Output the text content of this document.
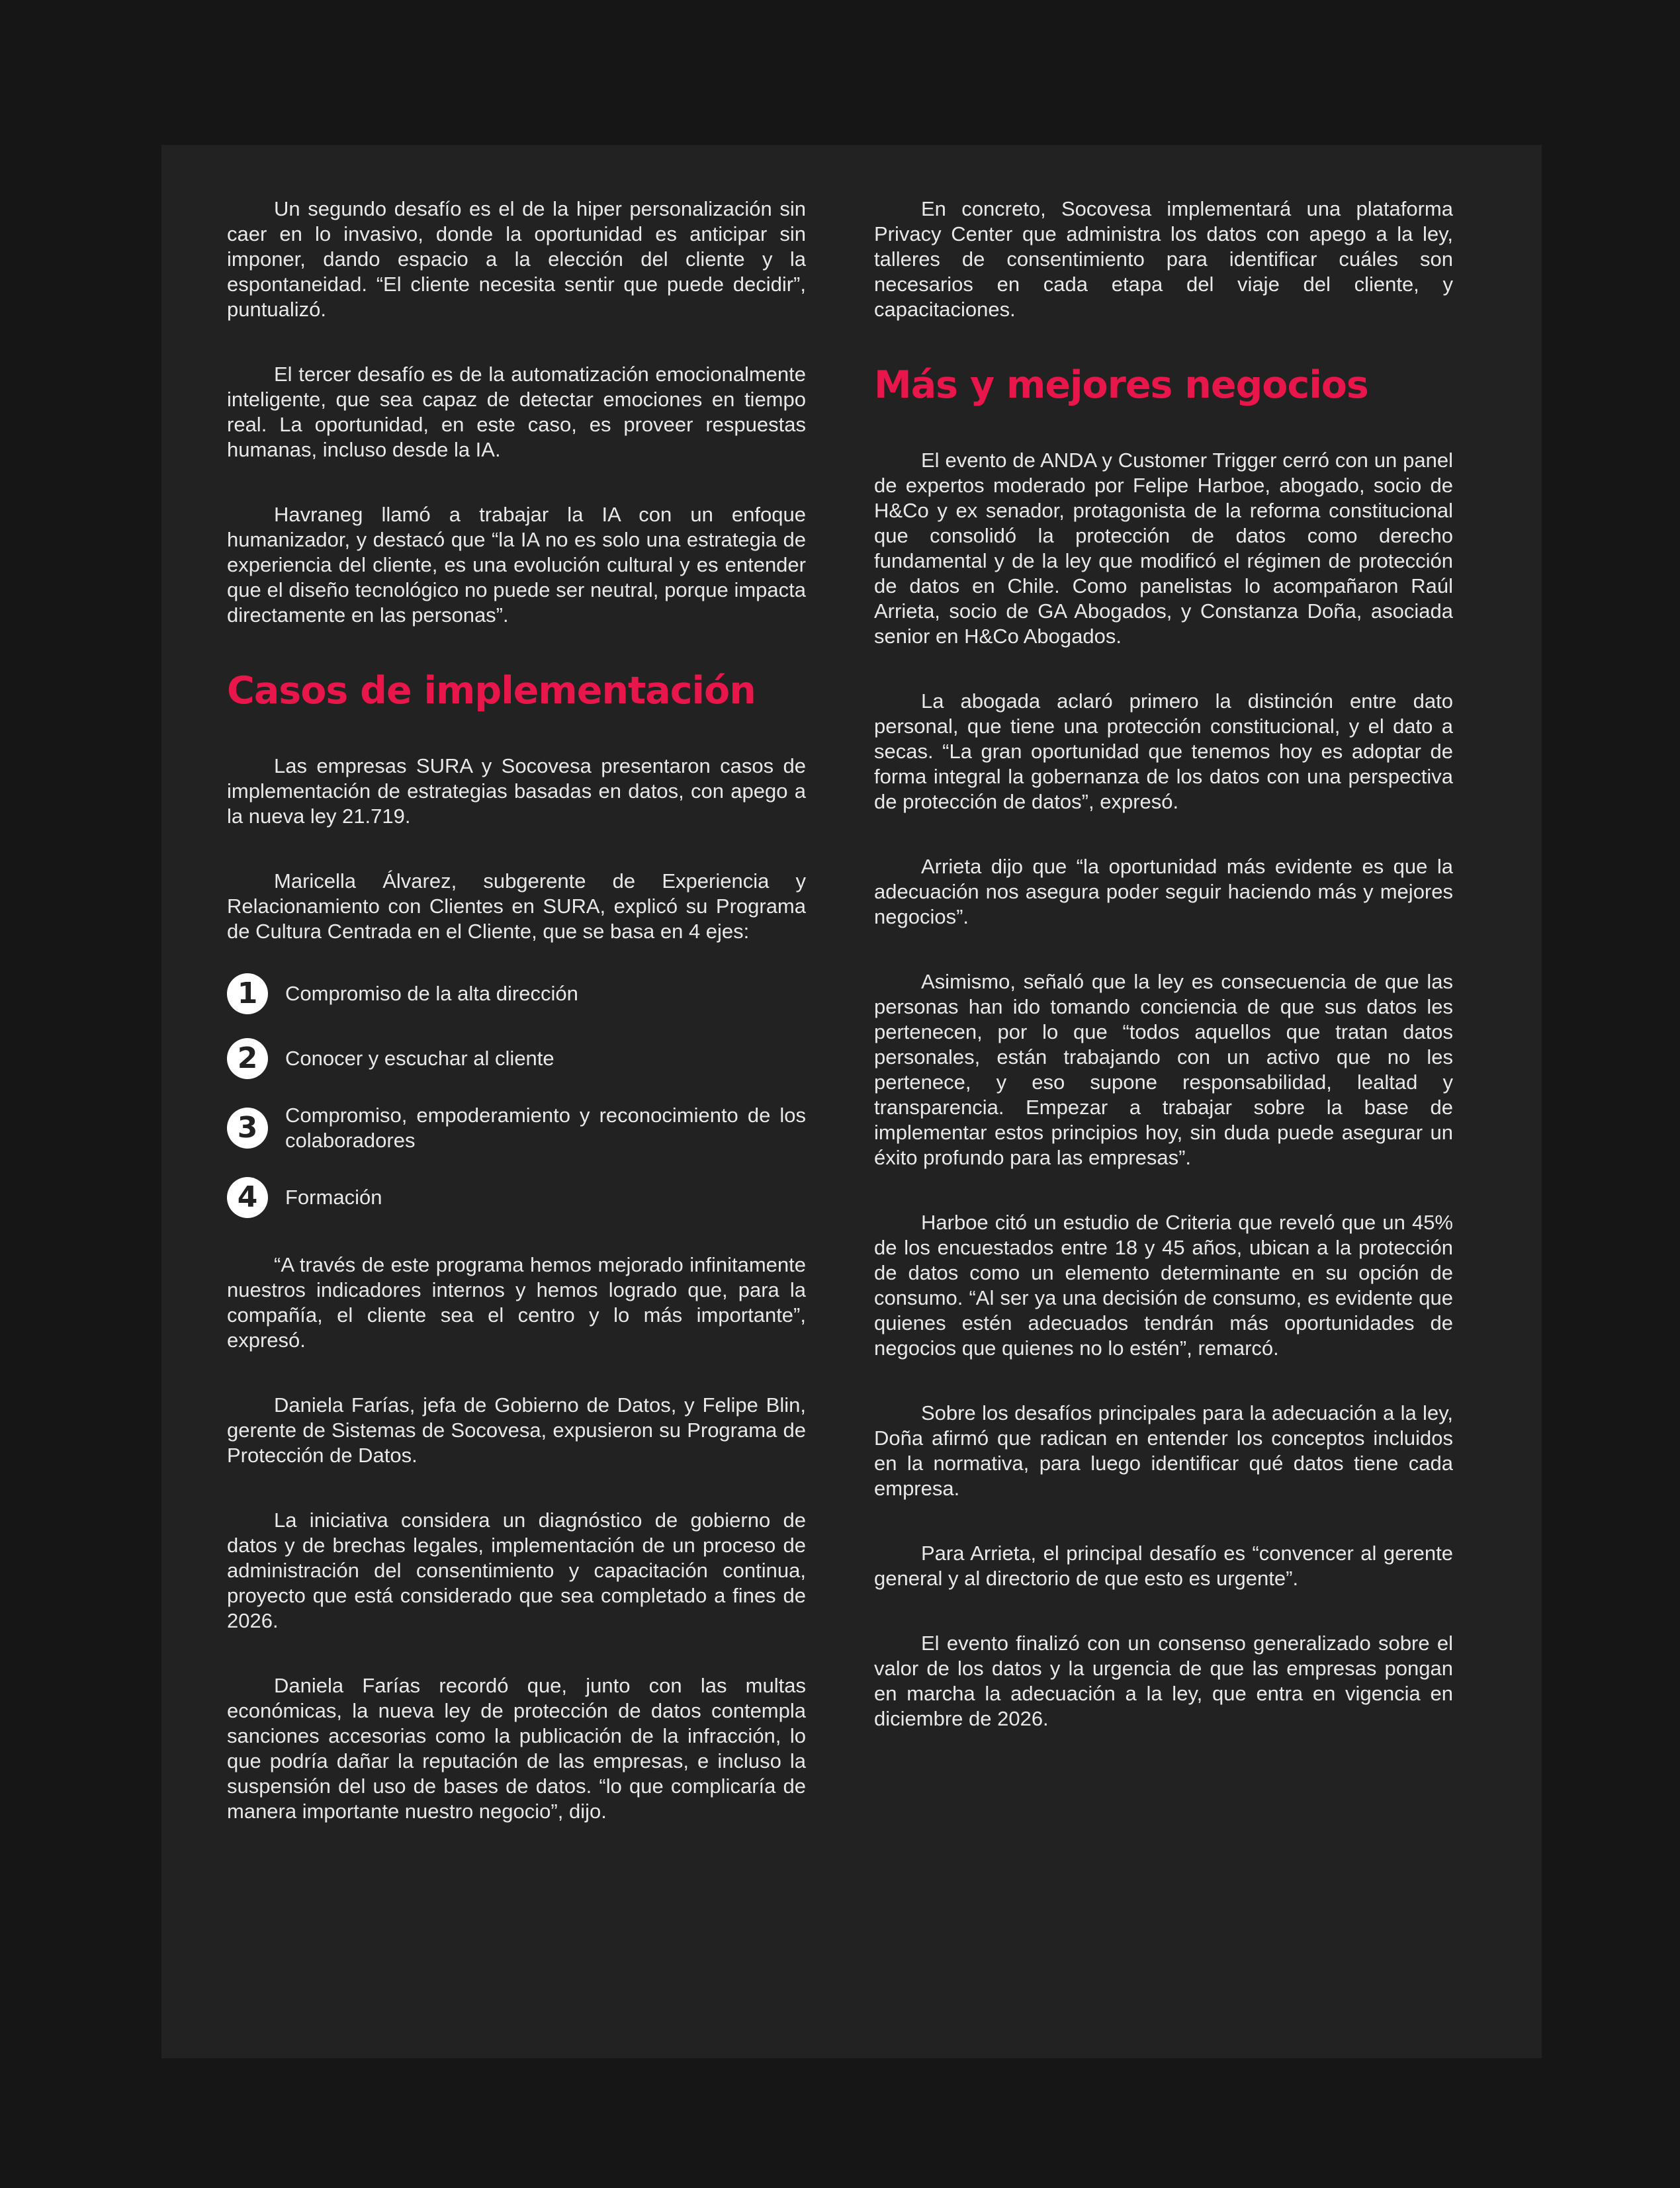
Un segundo desafío es el de la hiper personalización sin caer en lo invasivo, donde la oportunidad es anticipar sin imponer, dando espacio a la elección del cliente y la espontaneidad. “El cliente necesita sentir que puede decidir”, puntualizó.

El tercer desafío es de la automatización emocionalmente inteligente, que sea capaz de detectar emociones en tiempo real. La oportunidad, en este caso, es proveer respuestas humanas, incluso desde la IA.

Havraneg llamó a trabajar la IA con un enfoque humanizador, y destacó que “la IA no es solo una estrategia de experiencia del cliente, es una evolución cultural y es entender que el diseño tecnológico no puede ser neutral, porque impacta directamente en las personas”.

Casos de implementación

Las empresas SURA y Socovesa presentaron casos de implementación de estrategias basadas en datos, con apego a la nueva ley 21.719.

Maricella Álvarez, subgerente de Experiencia y Relacionamiento con Clientes en SURA, explicó su Programa de Cultura Centrada en el Cliente, que se basa en 4 ejes:

1	Compromiso de la alta dirección
2	Conocer y escuchar al cliente
3	Compromiso, empoderamiento y reconocimiento de los colaboradores
4	Formación

“A través de este programa hemos mejorado infinitamente nuestros indicadores internos y hemos logrado que, para la compañía, el cliente sea el centro y lo más importante”, expresó.

Daniela Farías, jefa de Gobierno de Datos, y Felipe Blin, gerente de Sistemas de Socovesa, expusieron su Programa de Protección de Datos.

La iniciativa considera un diagnóstico de gobierno de datos y de brechas legales, implementación de un proceso de administración del consentimiento y capacitación continua, proyecto que está considerado que sea completado a fines de 2026.

Daniela Farías recordó que, junto con las multas económicas, la nueva ley de protección de datos contempla sanciones accesorias como la publicación de la infracción, lo que podría dañar la reputación de las empresas, e incluso la suspensión del uso de bases de datos. “lo que complicaría de manera importante nuestro negocio”, dijo.

En concreto, Socovesa implementará una plataforma Privacy Center que administra los datos con apego a la ley, talleres de consentimiento para identificar cuáles son necesarios en cada etapa del viaje del cliente, y capacitaciones.

Más y mejores negocios

El evento de ANDA y Customer Trigger cerró con un panel de expertos moderado por Felipe Harboe, abogado, socio de H&Co y ex senador, protagonista de la reforma constitucional que consolidó la protección de datos como derecho fundamental y de la ley que modificó el régimen de protección de datos en Chile. Como panelistas lo acompañaron Raúl Arrieta, socio de GA Abogados, y Constanza Doña, asociada senior en H&Co Abogados.

La abogada aclaró primero la distinción entre dato personal, que tiene una protección constitucional, y el dato a secas. “La gran oportunidad que tenemos hoy es adoptar de forma integral la gobernanza de los datos con una perspectiva de protección de datos”, expresó.

Arrieta dijo que “la oportunidad más evidente es que la adecuación nos asegura poder seguir haciendo más y mejores negocios”.

Asimismo, señaló que la ley es consecuencia de que las personas han ido tomando conciencia de que sus datos les pertenecen, por lo que “todos aquellos que tratan datos personales, están trabajando con un activo que no les pertenece, y eso supone responsabilidad, lealtad y transparencia. Empezar a trabajar sobre la base de implementar estos principios hoy, sin duda puede asegurar un éxito profundo para las empresas”.

Harboe citó un estudio de Criteria que reveló que un 45% de los encuestados entre 18 y 45 años, ubican a la protección de datos como un elemento determinante en su opción de consumo. “Al ser ya una decisión de consumo, es evidente que quienes estén adecuados tendrán más oportunidades de negocios que quienes no lo estén”, remarcó.

Sobre los desafíos principales para la adecuación a la ley, Doña afirmó que radican en entender los conceptos incluidos en la normativa, para luego identificar qué datos tiene cada empresa.

Para Arrieta, el principal desafío es “convencer al gerente general y al directorio de que esto es urgente”.

El evento finalizó con un consenso generalizado sobre el valor de los datos y la urgencia de que las empresas pongan en marcha la adecuación a la ley, que entra en vigencia en diciembre de 2026.
